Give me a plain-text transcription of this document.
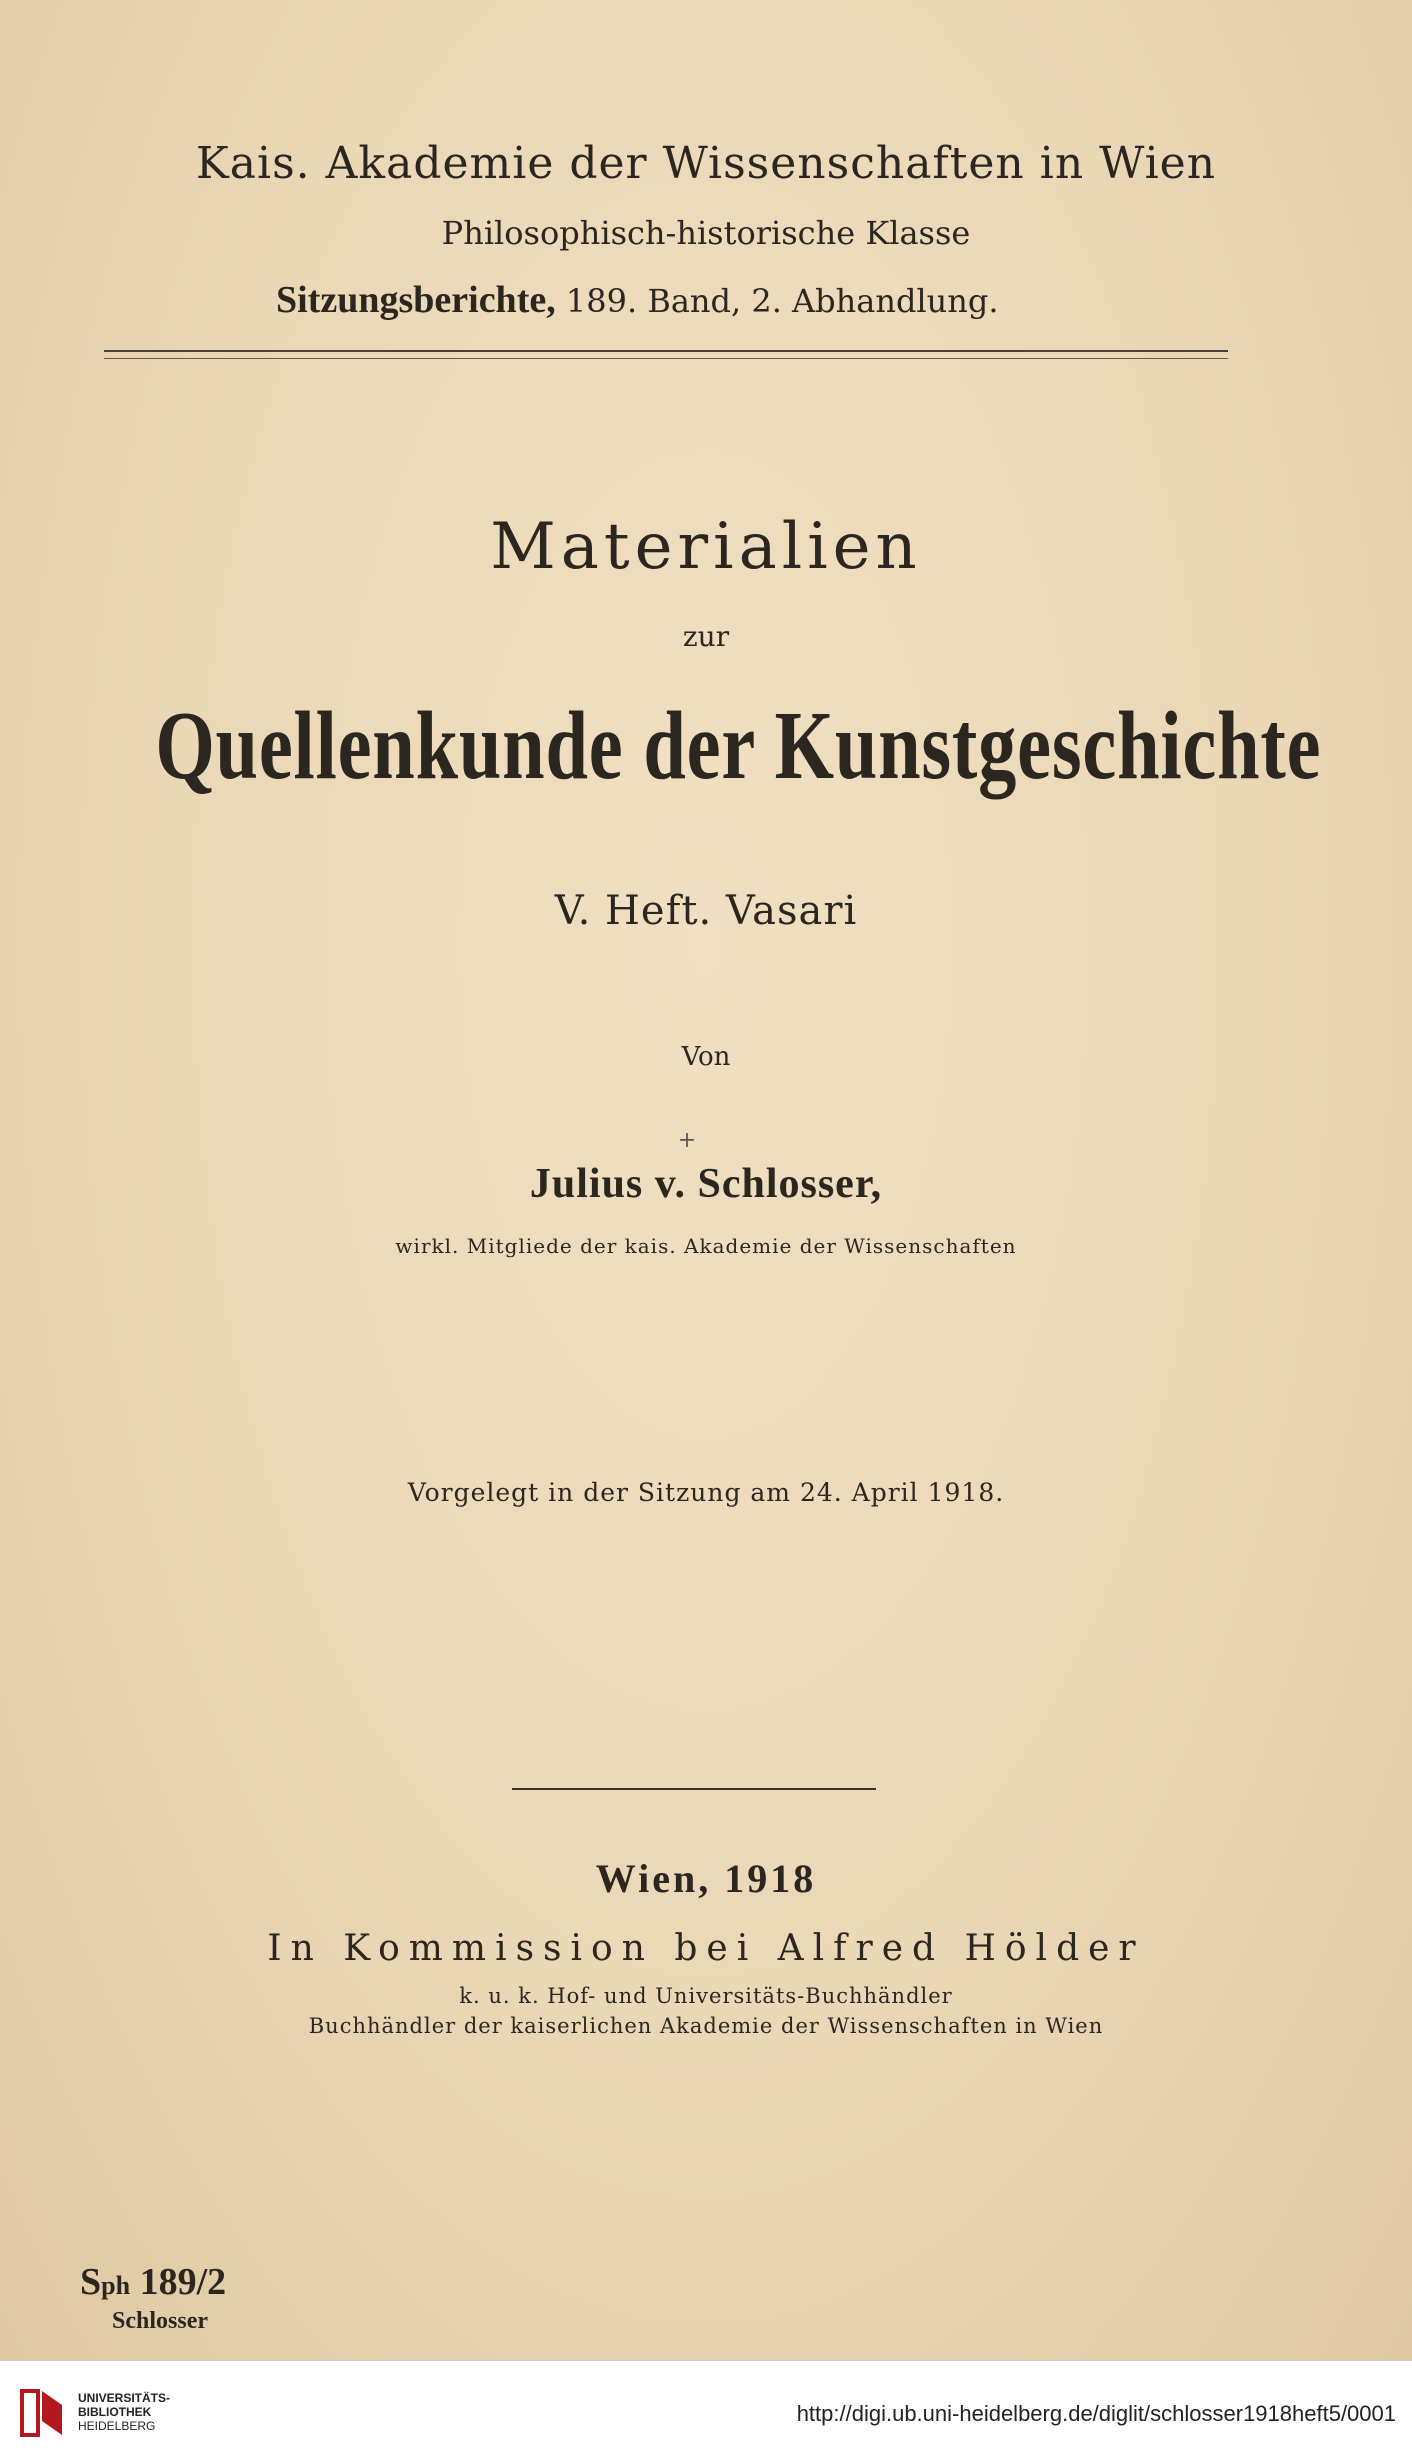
Kais. Akademie der Wissenschaften in Wien
Philosophisch-historische Klasse
Sitzungsberichte, 189. Band, 2. Abhandlung.
Materialien
zur
Quellenkunde der Kunstgeschichte
V. Heft. Vasari
Von
+
Julius v. Schlosser,
wirkl. Mitgliede der kais. Akademie der Wissenschaften
Vorgelegt in der Sitzung am 24. April 1918.
Wien, 1918
In Kommission bei Alfred Hölder
k. u. k. Hof- und Universitäts-Buchhändler
Buchhändler der kaiserlichen Akademie der Wissenschaften in Wien
Sph 189/2
Schlosser
UNIVERSITÄTS-
BIBLIOTHEK
HEIDELBERG	http://digi.ub.uni-heidelberg.de/diglit/schlosser1918heft5/0001
